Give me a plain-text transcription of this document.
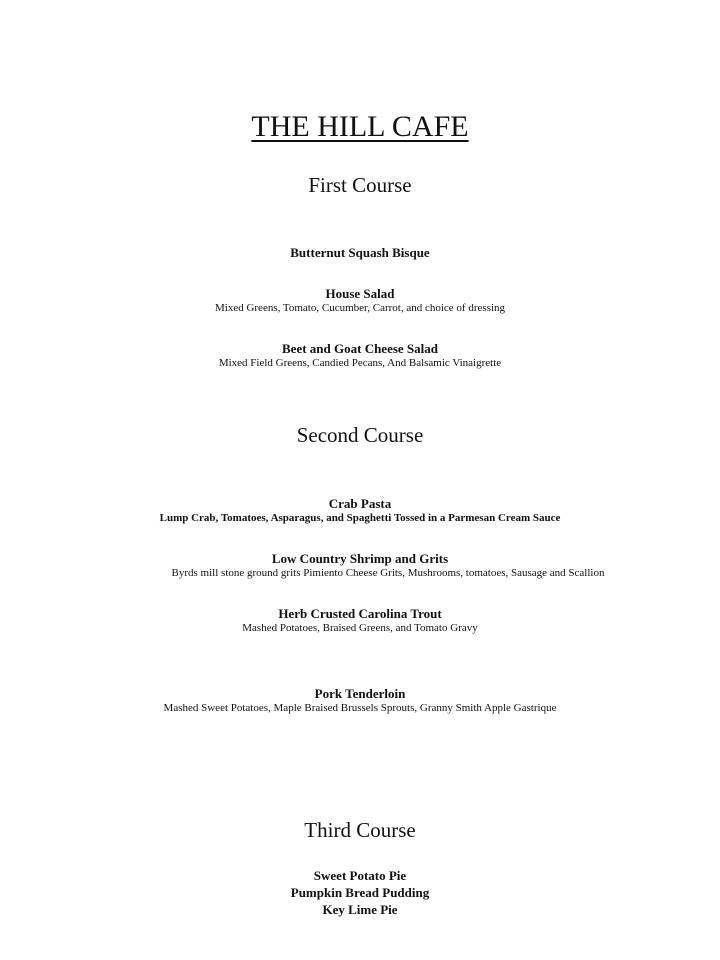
THE HILL CAFE
First Course
Butternut Squash Bisque
House Salad
Mixed Greens, Tomato, Cucumber, Carrot, and choice of dressing
Beet and Goat Cheese Salad
Mixed Field Greens, Candied Pecans, And Balsamic Vinaigrette
Second Course
Crab Pasta
Lump Crab, Tomatoes, Asparagus, and Spaghetti Tossed in a Parmesan Cream Sauce
Low Country Shrimp and Grits
Byrds mill stone ground grits Pimiento Cheese Grits, Mushrooms, tomatoes, Sausage and Scallion
Herb Crusted Carolina Trout
Mashed Potatoes, Braised Greens, and Tomato Gravy
Pork Tenderloin
Mashed Sweet Potatoes, Maple Braised Brussels Sprouts, Granny Smith Apple Gastrique
Third Course
Sweet Potato Pie
Pumpkin Bread Pudding
Key Lime Pie
